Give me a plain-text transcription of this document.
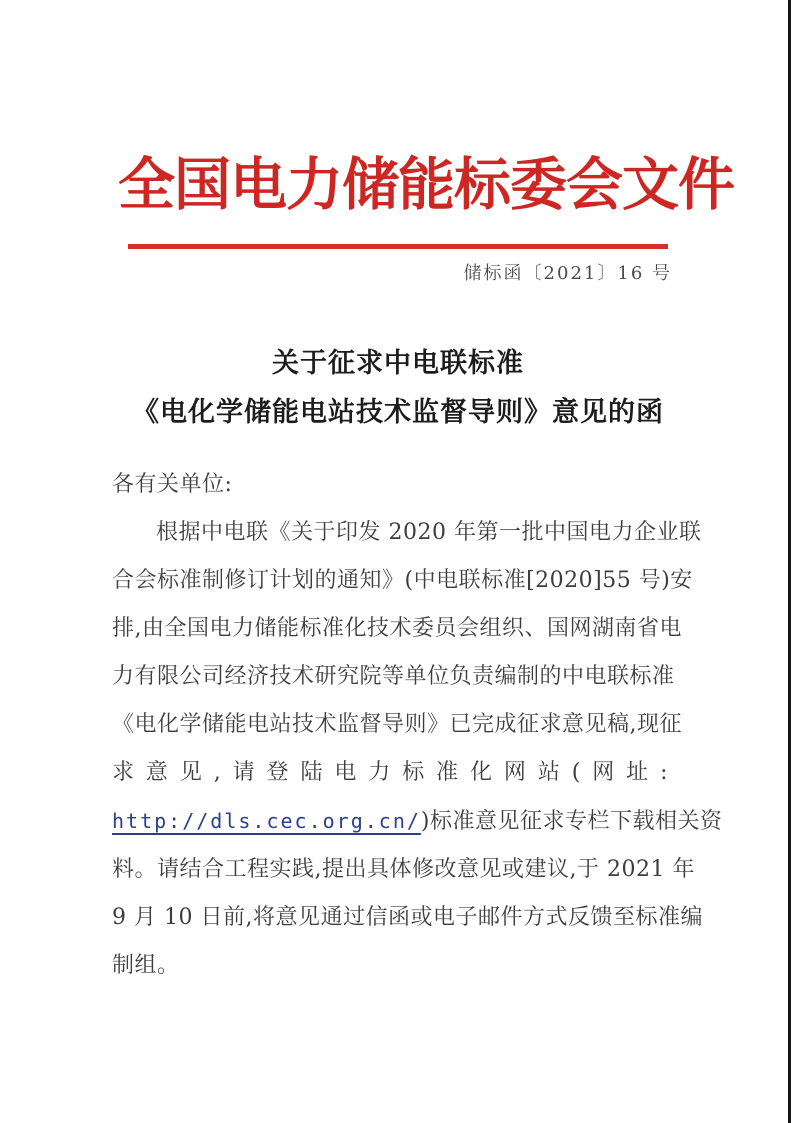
全国电力储能标委会文件
储标函〔2021〕16 号
关于征求中电联标准
《电化学储能电站技术监督导则》意见的函
各有关单位:
根据中电联《关于印发 2020 年第一批中国电力企业联
合会标准制修订计划的通知》(中电联标准[2020]55 号)安
排,由全国电力储能标准化技术委员会组织、国网湖南省电
力有限公司经济技术研究院等单位负责编制的中电联标准
《电化学储能电站技术监督导则》已完成征求意见稿,现征
求意见,请登陆电力标准化网站(网址:
http://dls.cec.org.cn/)标准意见征求专栏下载相关资
料。请结合工程实践,提出具体修改意见或建议,于 2021 年
9 月 10 日前,将意见通过信函或电子邮件方式反馈至标准编
制组。
